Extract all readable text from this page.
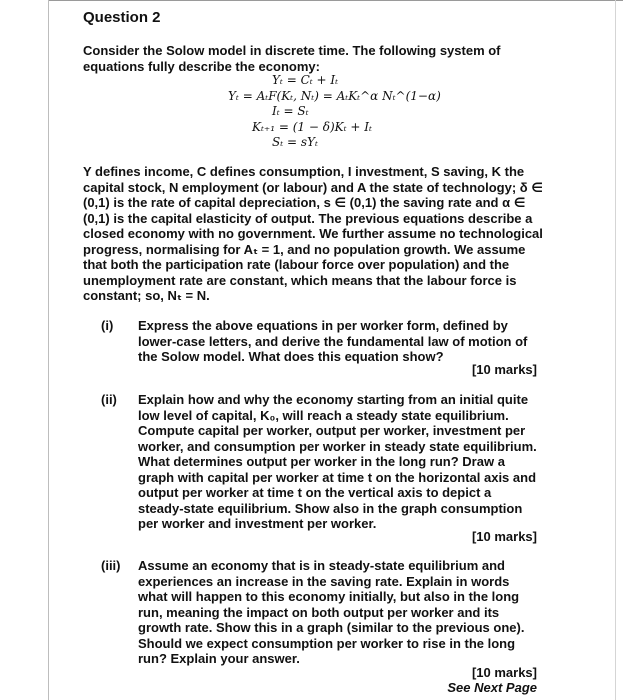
Question 2
Consider the Solow model in discrete time. The following system of equations fully describe the economy:
Yₜ = Cₜ + Iₜ
Yₜ = AₜF(Kₜ, Nₜ) = AₜKₜ^α Nₜ^(1−α)
Iₜ = Sₜ
Kₜ₊₁ = (1 − δ)Kₜ + Iₜ
Sₜ = sYₜ
Y defines income, C defines consumption, I investment, S saving, K the capital stock, N employment (or labour) and A the state of technology; δ ∈ (0,1) is the rate of capital depreciation, s ∈ (0,1) the saving rate and α ∈ (0,1) is the capital elasticity of output. The previous equations describe a closed economy with no government. We further assume no technological progress, normalising for Aₜ = 1, and no population growth. We assume that both the participation rate (labour force over population) and the unemployment rate are constant, which means that the labour force is constant; so, Nₜ = N.
(i) Express the above equations in per worker form, defined by lower-case letters, and derive the fundamental law of motion of the Solow model. What does this equation show?
[10 marks]
(ii) Explain how and why the economy starting from an initial quite low level of capital, K₀, will reach a steady state equilibrium. Compute capital per worker, output per worker, investment per worker, and consumption per worker in steady state equilibrium. What determines output per worker in the long run? Draw a graph with capital per worker at time t on the horizontal axis and output per worker at time t on the vertical axis to depict a steady-state equilibrium. Show also in the graph consumption per worker and investment per worker.
[10 marks]
(iii) Assume an economy that is in steady-state equilibrium and experiences an increase in the saving rate. Explain in words what will happen to this economy initially, but also in the long run, meaning the impact on both output per worker and its growth rate. Show this in a graph (similar to the previous one). Should we expect consumption per worker to rise in the long run? Explain your answer.
[10 marks]
See Next Page
